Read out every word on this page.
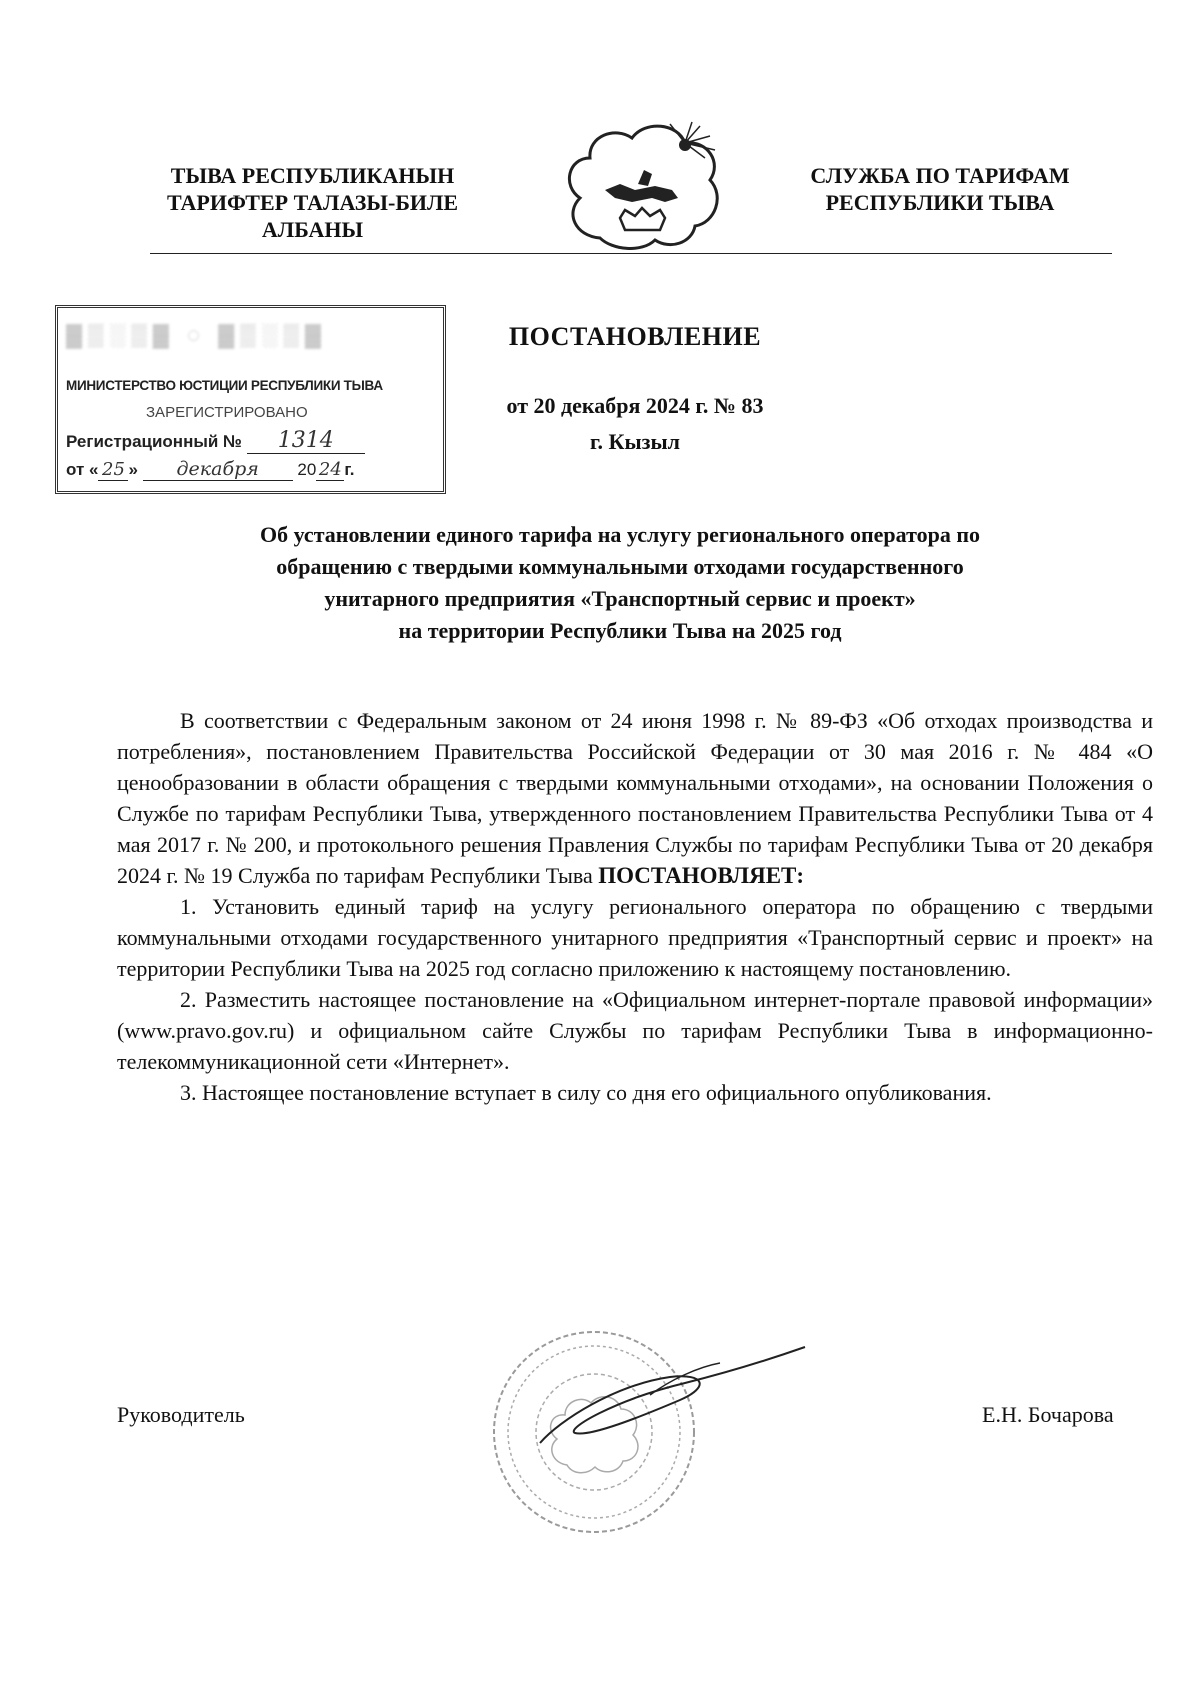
ТЫВА РЕСПУБЛИКАНЫН
ТАРИФТЕР ТАЛАЗЫ-БИЛЕ
АЛБАНЫ
СЛУЖБА ПО ТАРИФАМ
РЕСПУБЛИКИ ТЫВА
▓▒░▒▓ ◌ ▓▒░▒▓
МИНИСТЕРСТВО ЮСТИЦИИ РЕСПУБЛИКИ ТЫВА
ЗАРЕГИСТРИРОВАНО
Регистрационный № 1314
от « 25 » декабря 20 24 г.
ПОСТАНОВЛЕНИЕ
от 20 декабря 2024 г. № 83
г. Кызыл
Об установлении единого тарифа на услугу регионального оператора по
обращению с твердыми коммунальными отходами государственного
унитарного предприятия «Транспортный сервис и проект»
на территории Республики Тыва на 2025 год

В соответствии с Федеральным законом от 24 июня 1998 г. № 89-ФЗ «Об отходах производства и потребления», постановлением Правительства Российской Федерации от 30 мая 2016 г. № 484 «О ценообразовании в области обращения с твердыми коммунальными отходами», на основании Положения о Службе по тарифам Республики Тыва, утвержденного постановлением Правительства Республики Тыва от 4 мая 2017 г. № 200, и протокольного решения Правления Службы по тарифам Республики Тыва от 20 декабря 2024 г. № 19 Служба по тарифам Республики Тыва ПОСТАНОВЛЯЕТ:

1. Установить единый тариф на услугу регионального оператора по обращению с твердыми коммунальными отходами государственного унитарного предприятия «Транспортный сервис и проект» на территории Республики Тыва на 2025 год согласно приложению к настоящему постановлению.

2. Разместить настоящее постановление на «Официальном интернет-портале правовой информации» (www.pravo.gov.ru) и официальном сайте Службы по тарифам Республики Тыва в информационно-телекоммуникационной сети «Интернет».

3. Настоящее постановление вступает в силу со дня его официального опубликования.

Руководитель	Е.Н. Бочарова
